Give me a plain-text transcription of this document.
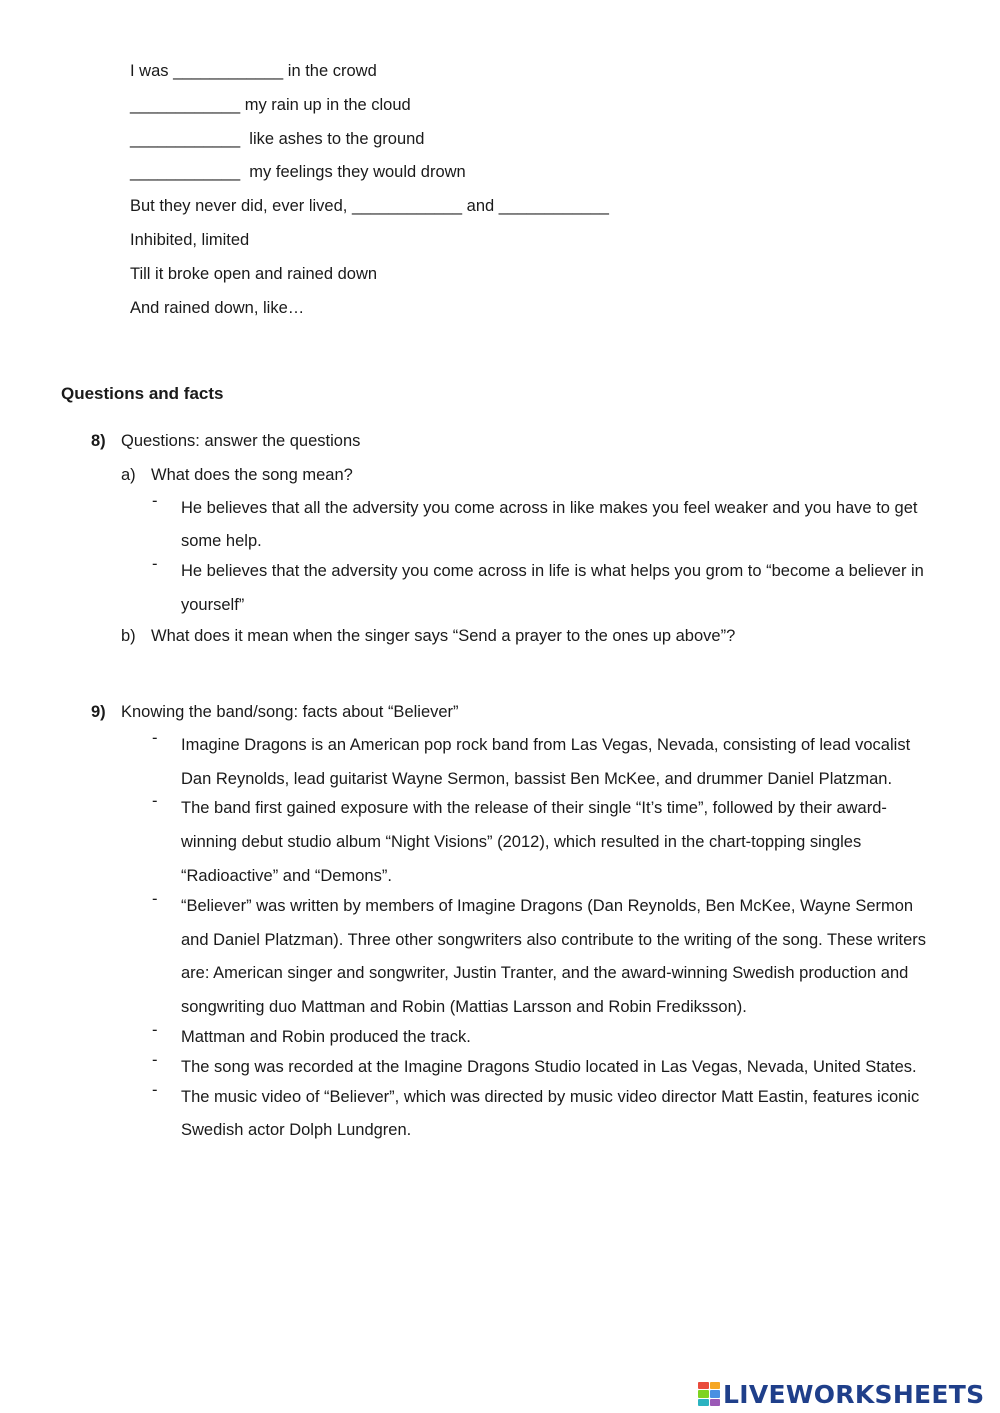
I was ____________ in the crowd
____________ my rain up in the cloud
____________  like ashes to the ground
____________  my feelings they would drown
But they never did, ever lived, ____________ and ____________
Inhibited, limited
Till it broke open and rained down
And rained down, like…
Questions and facts
8) Questions: answer the questions
a) What does the song mean?
- He believes that all the adversity you come across in like makes you feel weaker and you have to get some help.
- He believes that the adversity you come across in life is what helps you grom to “become a believer in yourself”
b) What does it mean when the singer says “Send a prayer to the ones up above”?
9) Knowing the band/song: facts about “Believer”
- Imagine Dragons is an American pop rock band from Las Vegas, Nevada, consisting of lead vocalist Dan Reynolds, lead guitarist Wayne Sermon, bassist Ben McKee, and drummer Daniel Platzman.
- The band first gained exposure with the release of their single “It’s time”, followed by their award-winning debut studio album “Night Visions” (2012), which resulted in the chart-topping singles “Radioactive” and “Demons”.
- “Believer” was written by members of Imagine Dragons (Dan Reynolds, Ben McKee, Wayne Sermon and Daniel Platzman). Three other songwriters also contribute to the writing of the song. These writers are: American singer and songwriter, Justin Tranter, and the award-winning Swedish production and songwriting duo Mattman and Robin (Mattias Larsson and Robin Frediksson).
- Mattman and Robin produced the track.
- The song was recorded at the Imagine Dragons Studio located in Las Vegas, Nevada, United States.
- The music video of “Believer”, which was directed by music video director Matt Eastin, features iconic Swedish actor Dolph Lundgren.
LIVEWORKSHEETS
